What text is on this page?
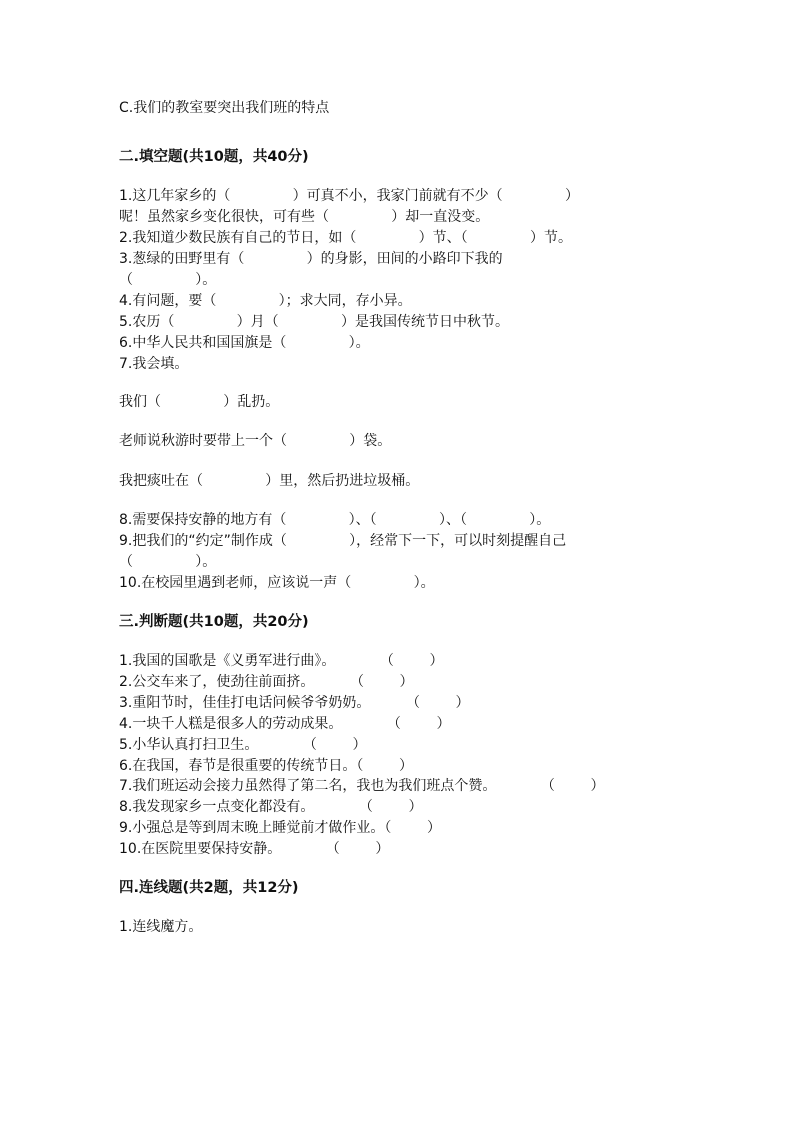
C.我们的教室要突出我们班的特点
二.填空题(共10题，共40分)
1.这几年家乡的（              ）可真不小，我家门前就有不少（              ）
呢！虽然家乡变化很快，可有些（              ）却一直没变。
2.我知道少数民族有自己的节日，如（              ）节、（              ）节。
3.葱绿的田野里有（              ）的身影，田间的小路印下我的
（              ）。
4.有问题，要（              ）；求大同，存小异。
5.农历（              ）月（              ）是我国传统节日中秋节。
6.中华人民共和国国旗是（              ）。
7.我会填。
我们（              ）乱扔。
老师说秋游时要带上一个（              ）袋。
我把痰吐在（              ）里，然后扔进垃圾桶。
8.需要保持安静的地方有（              ）、（              ）、（              ）。
9.把我们的“约定”制作成（              ），经常下一下，可以时刻提醒自己
（              ）。
10.在校园里遇到老师，应该说一声（              ）。
三.判断题(共10题，共20分)
1.我国的国歌是《义勇军进行曲》。          （        ）
2.公交车来了，使劲往前面挤。        （        ）
3.重阳节时，佳佳打电话问候爷爷奶奶。        （        ）
4.一块千人糕是很多人的劳动成果。          （        ）
5.小华认真打扫卫生。          （        ）
6.在我国，春节是很重要的传统节日。（        ）
7.我们班运动会接力虽然得了第二名，我也为我们班点个赞。          （        ）
8.我发现家乡一点变化都没有。          （        ）
9.小强总是等到周末晚上睡觉前才做作业。（        ）
10.在医院里要保持安静。          （        ）
四.连线题(共2题，共12分)
1.连线魔方。
